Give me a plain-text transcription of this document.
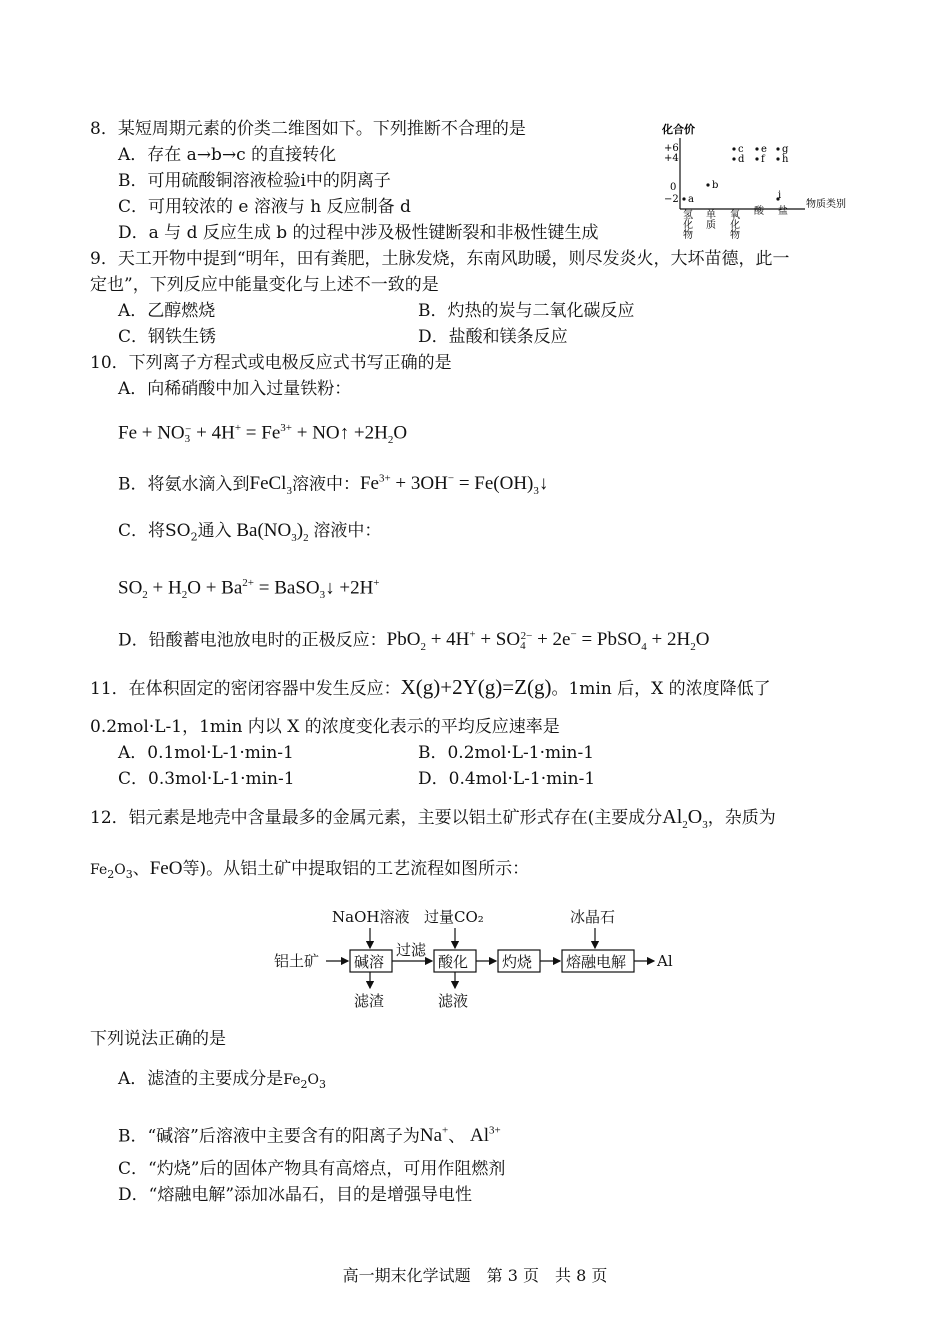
8．某短周期元素的价类二维图如下。下列推断不合理的是
A．存在 a→b→c 的直接转化
B．可用硫酸铜溶液检验i中的阴离子
C．可用较浓的 e 溶液与 h 反应制备 d
D．a 与 d 反应生成 b 的过程中涉及极性键断裂和非极性键生成
化合价
+6
+4
0
−2	物质类别
氢
化
物
单
质
氧
化
物
酸 盐
a
b
c
d
e
f
g
h
i
9．天工开物中提到“明年，田有粪肥，土脉发烧，东南风助暖，则尽发炎火，大坏苗德，此一
定也”，下列反应中能量变化与上述不一致的是
A．乙醇燃烧	B．灼热的炭与二氧化碳反应
C．钢铁生锈	D．盐酸和镁条反应
10．下列离子方程式或电极反应式书写正确的是
A．向稀硝酸中加入过量铁粉：
$Fe + NO_3^- + 4H^+ = Fe^{3+}$ + NO↑ $+2H_2O$
B．将氨水滴入到FeCl$_3$溶液中：$Fe^{3+} + 3OH^-$ = $Fe(OH)_3↓$
C．将$SO_2$通入 $Ba(NO_3)_2$ 溶液中：
$SO_2 + H_2O + Ba^{2+}$ = BaSO$_3$↓ +2H+
D．铅酸蓄电池放电时的正极反应：$PbO_2 + 4H^+ + SO_4^{2-} + 2e^-$ = PbSO$_4$ + $2H_2O$
11．在体积固定的密闭容器中发生反应：X(g)+2Y(g)=Z(g)。1min 后，X 的浓度降低了
0.2mol·L-1，1min 内以 X 的浓度变化表示的平均反应速率是
A．0.1mol·L-1·min-1	B．0.2mol·L-1·min-1
C．0.3mol·L-1·min-1	D．0.4mol·L-1·min-1
12．铝元素是地壳中含量最多的金属元素，主要以铝土矿形式存在(主要成分$Al_2O_3$，杂质为
$Fe_2O_3$、FeO等)。从铝土矿中提取铝的工艺流程如图所示：
NaOH溶液 过量CO₂	冰晶石
铝土矿 碱溶
过滤
酸化 灼烧 熔融电解 Al
滤渣	滤液
下列说法正确的是
A．滤渣的主要成分是$Fe_2O_3$
B．“碱溶”后溶液中主要含有的阳离子为Na+、 $Al^{3+}$
C．“灼烧”后的固体产物具有高熔点，可用作阻燃剂
D．“熔融电解”添加冰晶石，目的是增强导电性
高一期末化学试题　第 3 页　共 8 页
